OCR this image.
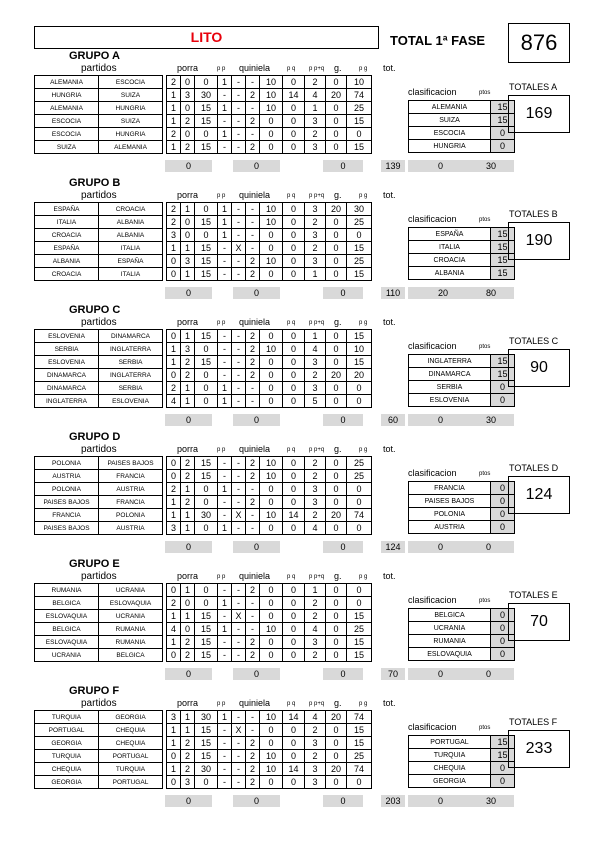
LITO	TOTAL 1ª FASE	876
GRUPO A
partidos	porra	p p quiniela	p q p p+q g.	p g tot.
ALEMANIA	ESCOCIA		2	0	0	1	-	-	10	0	2	0	10
HUNGRIA	SUIZA		1	3	30	-	-	2	10	14	4	20	74
ALEMANIA	HUNGRIA		1	0	15	1	-	-	10	0	1	0	25
ESCOCIA	SUIZA		1	2	15	-	-	2	0	0	3	0	15
ESCOCIA	HUNGRIA		2	0	0	1	-	-	0	0	2	0	0
SUIZA	ALEMANIA		1	2	15	-	-	2	0	0	3	0	15
0	0	0	139
clasificacion	ptos
ALEMANIA	15
SUIZA	15
ESCOCIA	0
HUNGRIA	0
0	30
TOTALES A
169
GRUPO B
partidos	porra	p p quiniela	p q p p+q g.	p g tot.
ESPAÑA	CROACIA		2	1	0	1	-	-	10	0	3	20	30
ITALIA	ALBANIA		2	0	15	1	-	-	10	0	2	0	25
CROACIA	ALBANIA		3	0	0	1	-	-	0	0	3	0	0
ESPAÑA	ITALIA		1	1	15	-	X	-	0	0	2	0	15
ALBANIA	ESPAÑA		0	3	15	-	-	2	10	0	3	0	25
CROACIA	ITALIA		0	1	15	-	-	2	0	0	1	0	15
0	0	0	110
clasificacion	ptos
ESPAÑA	15
ITALIA	15
CROACIA	15
ALBANIA	15
20	80
TOTALES B
190
GRUPO C
partidos	porra	p p quiniela	p q p p+q g.	p g tot.
ESLOVENIA	DINAMARCA		0	1	15	-	-	2	0	0	1	0	15
SERBIA	INGLATERRA		1	3	0	-	-	2	10	0	4	0	10
ESLOVENIA	SERBIA		1	2	15	-	-	2	0	0	3	0	15
DINAMARCA	INGLATERRA		0	2	0	-	-	2	0	0	2	20	20
DINAMARCA	SERBIA		2	1	0	1	-	-	0	0	3	0	0
INGLATERRA	ESLOVENIA		4	1	0	1	-	-	0	0	5	0	0
0	0	0	60
clasificacion	ptos
INGLATERRA	15
DINAMARCA	15
SERBIA	0
ESLOVENIA	0
0	30
TOTALES C
90
GRUPO D
partidos	porra	p p quiniela	p q p p+q g.	p g tot.
POLONIA	PAISES BAJOS		0	2	15	-	-	2	10	0	2	0	25
AUSTRIA	FRANCIA		0	2	15	-	-	2	10	0	2	0	25
POLONIA	AUSTRIA		2	1	0	1	-	-	0	0	3	0	0
PAISES BAJOS	FRANCIA		1	2	0	-	-	2	0	0	3	0	0
FRANCIA	POLONIA		1	1	30	-	X	-	10	14	2	20	74
PAISES BAJOS	AUSTRIA		3	1	0	1	-	-	0	0	4	0	0
0	0	0	124
clasificacion	ptos
FRANCIA	0
PAISES BAJOS	0
POLONIA	0
AUSTRIA	0
0	0
TOTALES D
124
GRUPO E
partidos	porra	p p quiniela	p q p p+q g.	p g tot.
RUMANIA	UCRANIA		0	1	0	-	-	2	0	0	1	0	0
BELGICA	ESLOVAQUIA		2	0	0	1	-	-	0	0	2	0	0
ESLOVAQUIA	UCRANIA		1	1	15	-	X	-	0	0	2	0	15
BELGICA	RUMANIA		4	0	15	1	-	-	10	0	4	0	25
ESLOVAQUIA	RUMANIA		1	2	15	-	-	2	0	0	3	0	15
UCRANIA	BELGICA		0	2	15	-	-	2	0	0	2	0	15
0	0	0	70
clasificacion	ptos
BELGICA	0
UCRANIA	0
RUMANIA	0
ESLOVAQUIA	0
0	0
TOTALES E
70
GRUPO F
partidos	porra	p p quiniela	p q p p+q g.	p g tot.
TURQUIA	GEORGIA		3	1	30	1	-	-	10	14	4	20	74
PORTUGAL	CHEQUIA		1	1	15	-	X	-	0	0	2	0	15
GEORGIA	CHEQUIA		1	2	15	-	-	2	0	0	3	0	15
TURQUIA	PORTUGAL		0	2	15	-	-	2	10	0	2	0	25
CHEQUIA	TURQUIA		1	2	30	-	-	2	10	14	3	20	74
GEORGIA	PORTUGAL		0	3	0	-	-	2	0	0	3	0	0
0	0	0	203
clasificacion	ptos
PORTUGAL	15
TURQUIA	15
CHEQUIA	0
GEORGIA	0
0	30
TOTALES F
233
